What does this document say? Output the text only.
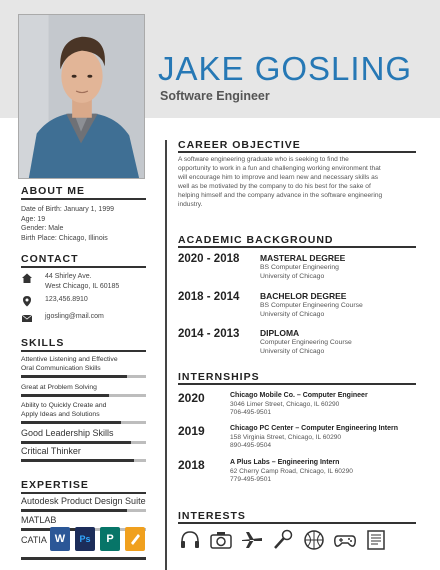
JAKE GOSLING
Software Engineer
ABOUT ME
Date of Birth: January 1, 1999
Age: 19
Gender: Male
Birth Place: Chicago, Illinois
CONTACT
44 Shirley Ave.
West Chicago, IL 60185
123,456.8910
jgosling@mail.com
SKILLS
Attentive Listening and Effective
Oral Communication Skills
Great at Problem Solving
Ability to Quickly Create and
Apply Ideas and Solutions
Good Leadership Skills
Critical Thinker
EXPERTISE
Autodesk Product Design Suite
MATLAB
CATIA W	Ps	P
CAREER OBJECTIVE
A software engineering graduate who is seeking to find the opportunity to work in a fun and challenging working environment that will encourage him to improve and learn new and necessary skills as well as be motivated by the company to do his best for the sake of helping himself and the company advance in the software engineering industry.
ACADEMIC BACKGROUND
2020 - 2018	MASTERAL DEGREE
BS Computer Engineering
University of Chicago
2018 - 2014	BACHELOR DEGREE
BS Computer Engineering Course
University of Chicago
2014 - 2013	DIPLOMA
Computer Engineering Course
University of Chicago
INTERNSHIPS
2020	Chicago Mobile Co. – Computer Engineer
3046 Limer Street, Chicago, IL 60290
706-495-9501
2019	Chicago PC Center – Computer Engineering Intern
158 Virginia Street, Chicago, IL 60290
890-495-9504
2018	A Plus Labs – Engineering Intern
62 Cherry Camp Road, Chicago, IL 60290
779-495-9501
INTERESTS
